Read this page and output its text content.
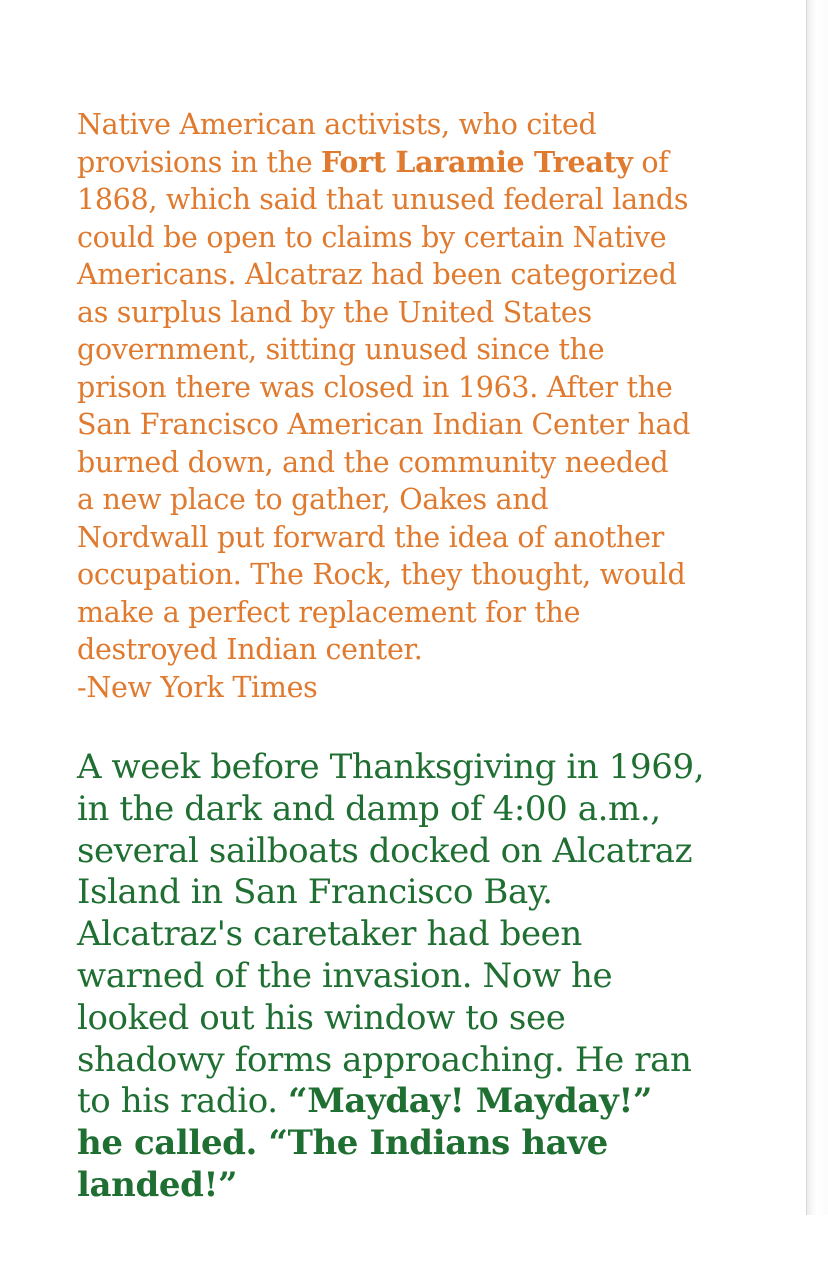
Native American activists, who cited

provisions in the Fort Laramie Treaty of

1868, which said that unused federal lands

could be open to claims by certain Native

Americans. Alcatraz had been categorized

as surplus land by the United States

government, sitting unused since the

prison there was closed in 1963. After the

San Francisco American Indian Center had

burned down, and the community needed

a new place to gather, Oakes and

Nordwall put forward the idea of another

occupation. The Rock, they thought, would

make a perfect replacement for the

destroyed Indian center.

-New York Times

A week before Thanksgiving in 1969,

in the dark and damp of 4:00 a.m.,

several sailboats docked on Alcatraz

Island in San Francisco Bay.

Alcatraz's caretaker had been

warned of the invasion. Now he

looked out his window to see

shadowy forms approaching. He ran

to his radio. “Mayday! Mayday!”

he called. “The Indians have

landed!”
